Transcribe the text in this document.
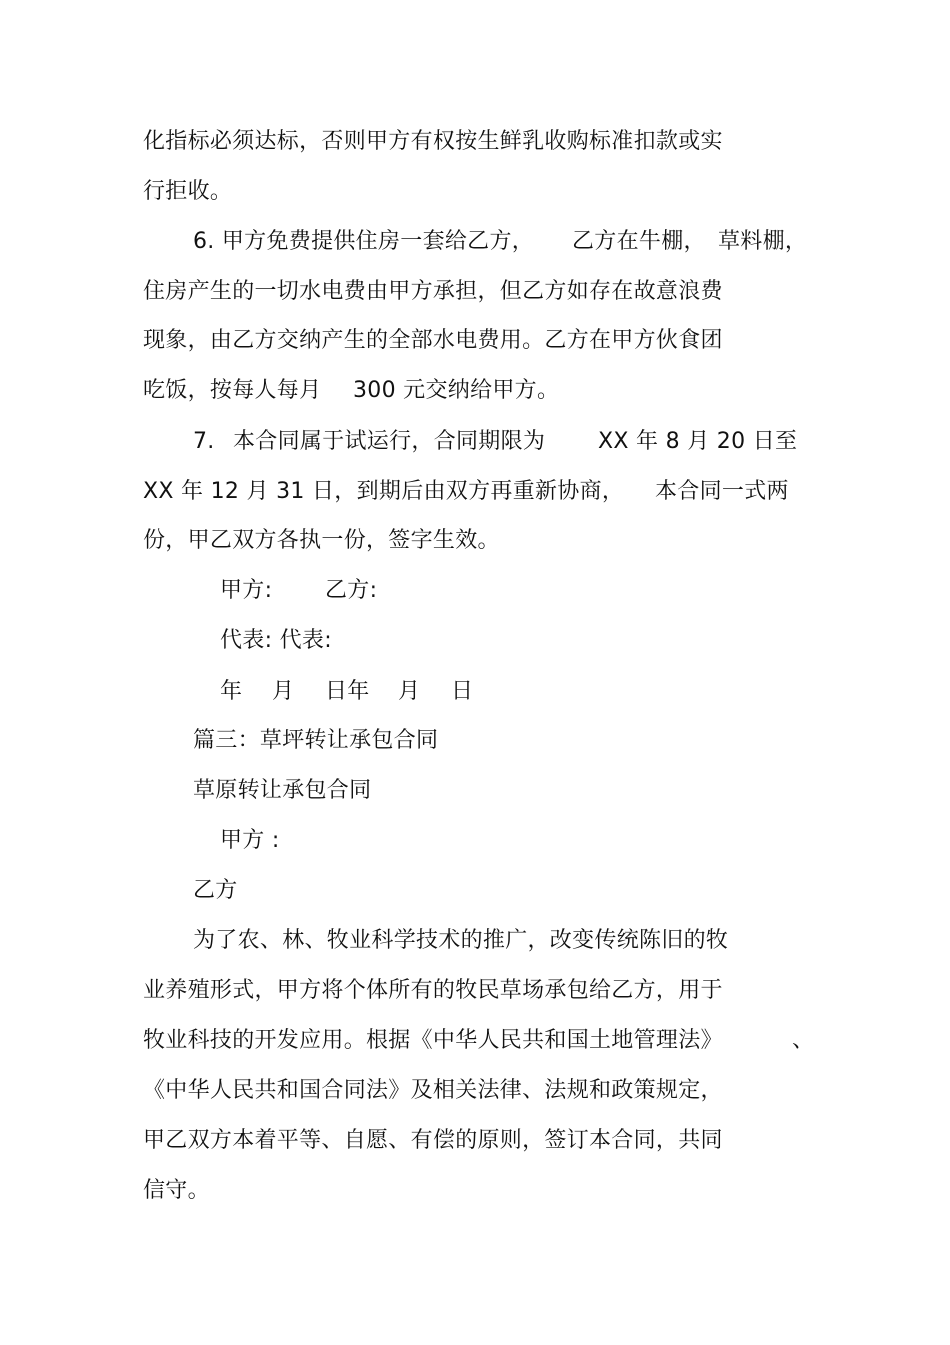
化指标必须达标，否则甲方有权按生鲜乳收购标准扣款或实
行拒收。
6. 甲方免费提供住房一套给乙方， 乙方在牛棚， 草料棚，
住房产生的一切水电费由甲方承担，但乙方如存在故意浪费
现象，由乙方交纳产生的全部水电费用。乙方在甲方伙食团
吃饭，按每人每月 300 元交纳给甲方。
7. 本合同属于试运行，合同期限为 XX 年 8 月 20 日至
XX 年 12 月 31 日，到期后由双方再重新协商， 本合同一式两
份，甲乙双方各执一份，签字生效。
甲方: 乙方:
代表: 代表:
年 月 日年 月 日
篇三：草坪转让承包合同
草原转让承包合同
甲方 :
乙方
为了农、林、牧业科学技术的推广，改变传统陈旧的牧
业养殖形式，甲方将个体所有的牧民草场承包给乙方，用于
牧业科技的开发应用。根据《中华人民共和国土地管理法》	、
《中华人民共和国合同法》及相关法律、法规和政策规定，
甲乙双方本着平等、自愿、有偿的原则，签订本合同，共同
信守。
